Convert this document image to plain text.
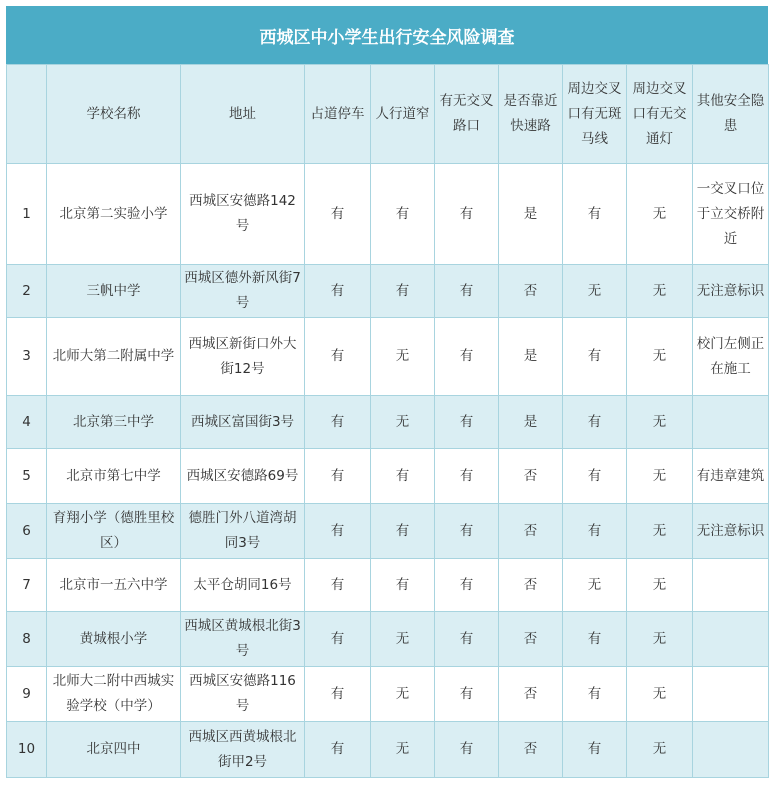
西城区中小学生出行安全风险调查
	学校名称	地址	占道停车	人行道窄	有无交叉路口	是否靠近快速路	周边交叉口有无斑马线	周边交叉口有无交通灯	其他安全隐患
1	北京第二实验小学	西城区安德路142号	有	有	有	是	有	无	一交叉口位于立交桥附近
2	三帆中学	西城区德外新风街7号	有	有	有	否	无	无	无注意标识
3	北师大第二附属中学	西城区新街口外大街12号	有	无	有	是	有	无	校门左侧正在施工
4	北京第三中学	西城区富国街3号	有	无	有	是	有	无	
5	北京市第七中学	西城区安德路69号	有	有	有	否	有	无	有违章建筑
6	育翔小学（德胜里校区）	德胜门外八道湾胡同3号	有	有	有	否	有	无	无注意标识
7	北京市一五六中学	太平仓胡同16号	有	有	有	否	无	无	
8	黄城根小学	西城区黄城根北街3号	有	无	有	否	有	无	
9	北师大二附中西城实验学校（中学）	西城区安德路116号	有	无	有	否	有	无	
10	北京四中	西城区西黄城根北街甲2号	有	无	有	否	有	无	
